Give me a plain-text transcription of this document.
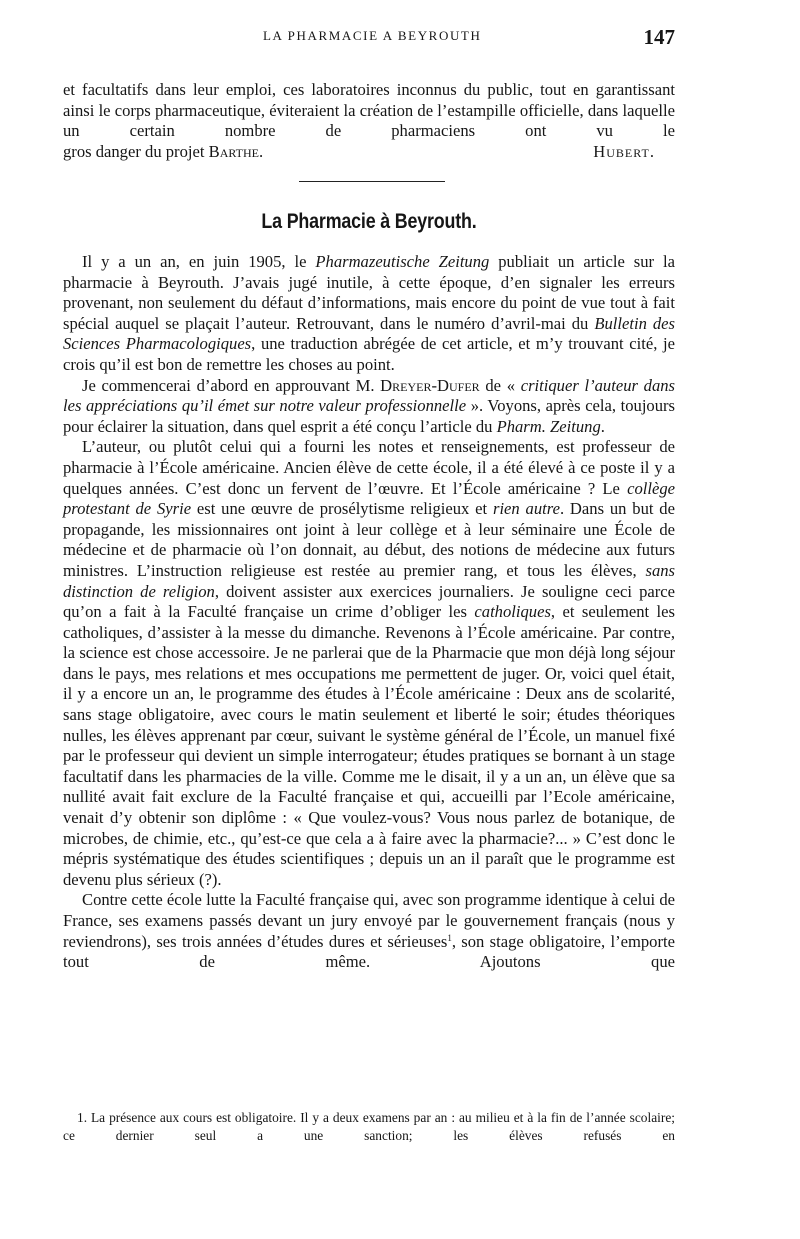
LA PHARMACIE A BEYROUTH	147

et facultatifs dans leur emploi, ces laboratoires inconnus du public, tout en garantissant ainsi le corps pharmaceutique, éviteraient la création de l’estampille officielle, dans laquelle un certain nombre de pharmaciens ont vu le

gros danger du projet Barthe.	Hubert.
La Pharmacie à Beyrouth.

Il y a un an, en juin 1905, le Pharmazeutische Zeitung publiait un article sur la pharmacie à Beyrouth. J’avais jugé inutile, à cette époque, d’en signaler les erreurs provenant, non seulement du défaut d’informations, mais encore du point de vue tout à fait spécial auquel se plaçait l’auteur. Retrouvant, dans le numéro d’avril-mai du Bulletin des Sciences Pharmacologiques, une traduction abrégée de cet article, et m’y trouvant cité, je crois qu’il est bon de remettre les choses au point.

Je commencerai d’abord en approuvant M. Dreyer-Dufer de « critiquer l’auteur dans les appréciations qu’il émet sur notre valeur professionnelle ». Voyons, après cela, toujours pour éclairer la situation, dans quel esprit a été conçu l’article du Pharm. Zeitung.

L’auteur, ou plutôt celui qui a fourni les notes et renseignements, est professeur de pharmacie à l’École américaine. Ancien élève de cette école, il a été élevé à ce poste il y a quelques années. C’est donc un fervent de l’œuvre. Et l’École américaine ? Le collège protestant de Syrie est une œuvre de prosélytisme religieux et rien autre. Dans un but de propagande, les missionnaires ont joint à leur collège et à leur séminaire une École de médecine et de pharmacie où l’on donnait, au début, des notions de médecine aux futurs ministres. L’instruction religieuse est restée au premier rang, et tous les élèves, sans distinction de religion, doivent assister aux exercices journaliers. Je souligne ceci parce qu’on a fait à la Faculté française un crime d’obliger les catholiques, et seulement les catholiques, d’assister à la messe du dimanche. Revenons à l’École américaine. Par contre, la science est chose accessoire. Je ne parlerai que de la Pharmacie que mon déjà long séjour dans le pays, mes relations et mes occupations me permettent de juger. Or, voici quel était, il y a encore un an, le programme des études à l’École américaine : Deux ans de scolarité, sans stage obligatoire, avec cours le matin seulement et liberté le soir; études théoriques nulles, les élèves apprenant par cœur, suivant le système général de l’École, un manuel fixé par le professeur qui devient un simple interrogateur; études pratiques se bornant à un stage facultatif dans les pharmacies de la ville. Comme me le disait, il y a un an, un élève que sa nullité avait fait exclure de la Faculté française et qui, accueilli par l’Ecole américaine, venait d’y obtenir son diplôme : « Que voulez-vous? Vous nous parlez de botanique, de microbes, de chimie, etc., qu’est-ce que cela a à faire avec la pharmacie?... » C’est donc le mépris systématique des études scientifiques ; depuis un an il paraît que le programme est devenu plus sérieux (?).

Contre cette école lutte la Faculté française qui, avec son programme identique à celui de France, ses examens passés devant un jury envoyé par le gouvernement français (nous y reviendrons), ses trois années d’études dures et sérieuses$^1$, son stage obligatoire, l’emporte tout de même. Ajoutons que

1. La présence aux cours est obligatoire. Il y a deux examens par an : au milieu et à la fin de l’année scolaire; ce dernier seul a une sanction; les élèves refusés en
